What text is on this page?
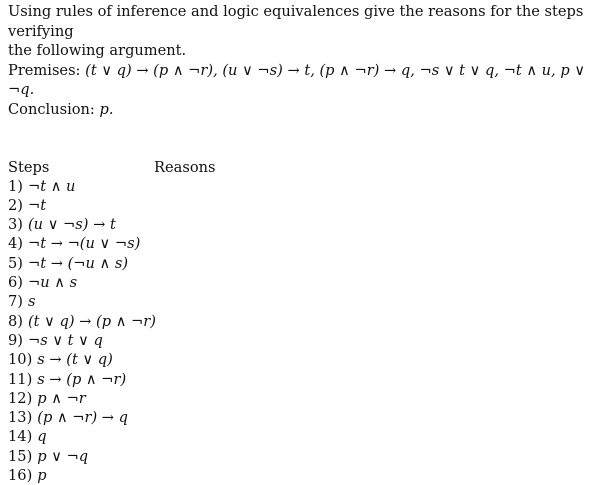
Using rules of inference and logic equivalences give the reasons for the steps verifying
the following argument.
Premises: (t ∨ q) → (p ∧ ¬r), (u ∨ ¬s) → t, (p ∧ ¬r) → q, ¬s ∨ t ∨ q, ¬t ∧ u, p ∨ ¬q.
Conclusion: p.
Steps	Reasons
1) ¬t ∧ u
2) ¬t
3) (u ∨ ¬s) → t
4) ¬t → ¬(u ∨ ¬s)
5) ¬t → (¬u ∧ s)
6) ¬u ∧ s
7) s
8) (t ∨ q) → (p ∧ ¬r)
9) ¬s ∨ t ∨ q
10) s → (t ∨ q)
11) s → (p ∧ ¬r)
12) p ∧ ¬r
13) (p ∧ ¬r) → q
14) q
15) p ∨ ¬q
16) p
